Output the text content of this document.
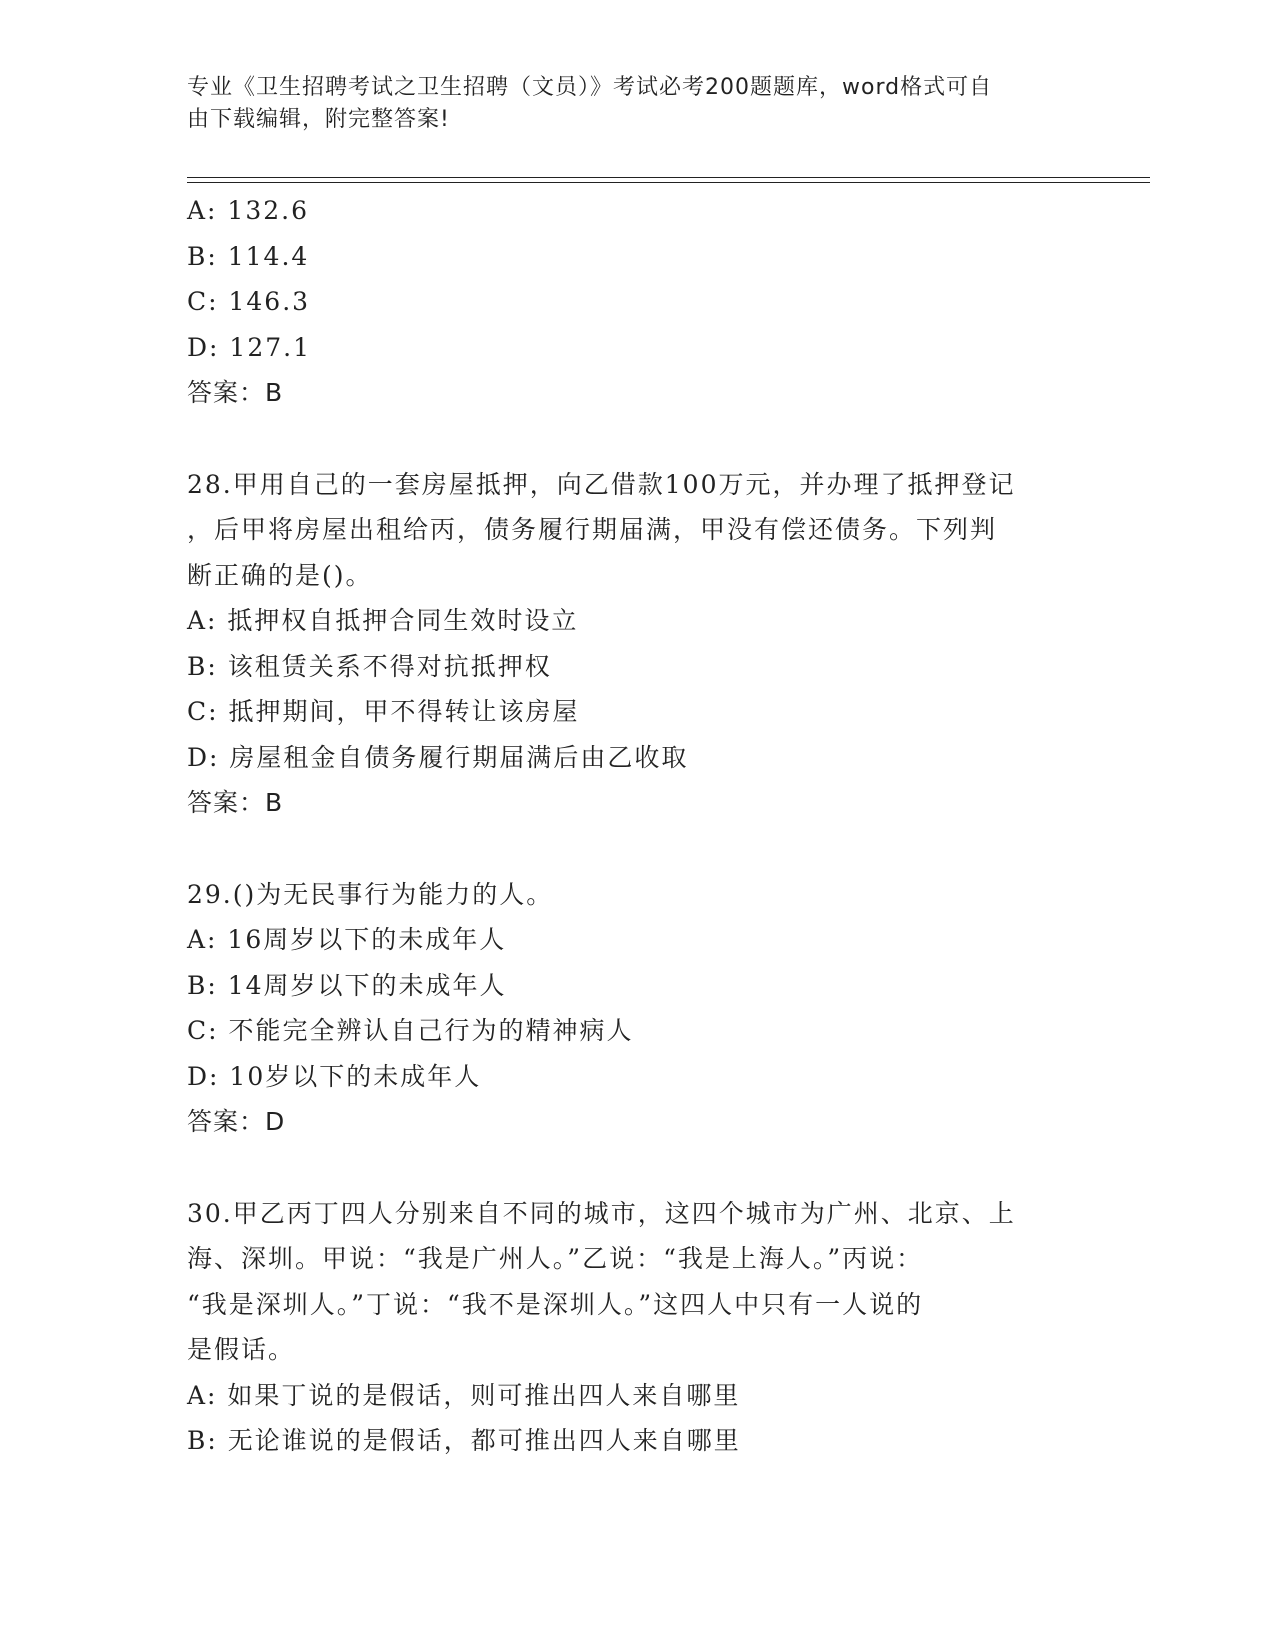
专业《卫生招聘考试之卫生招聘（文员）》考试必考200题题库，word格式可自
由下载编辑，附完整答案!
A: 132.6
B: 114.4
C: 146.3
D: 127.1
答案：B
28.甲用自己的一套房屋抵押，向乙借款100万元，并办理了抵押登记
，后甲将房屋出租给丙，债务履行期届满，甲没有偿还债务。下列判
断正确的是()。
A: 抵押权自抵押合同生效时设立
B: 该租赁关系不得对抗抵押权
C: 抵押期间，甲不得转让该房屋
D: 房屋租金自债务履行期届满后由乙收取
答案：B
29.()为无民事行为能力的人。
A: 16周岁以下的未成年人
B: 14周岁以下的未成年人
C: 不能完全辨认自己行为的精神病人
D: 10岁以下的未成年人
答案：D
30.甲乙丙丁四人分别来自不同的城市，这四个城市为广州、北京、上
海、深圳。甲说：“我是广州人。”乙说：“我是上海人。”丙说：
“我是深圳人。”丁说：“我不是深圳人。”这四人中只有一人说的
是假话。
A: 如果丁说的是假话，则可推出四人来自哪里
B: 无论谁说的是假话，都可推出四人来自哪里
